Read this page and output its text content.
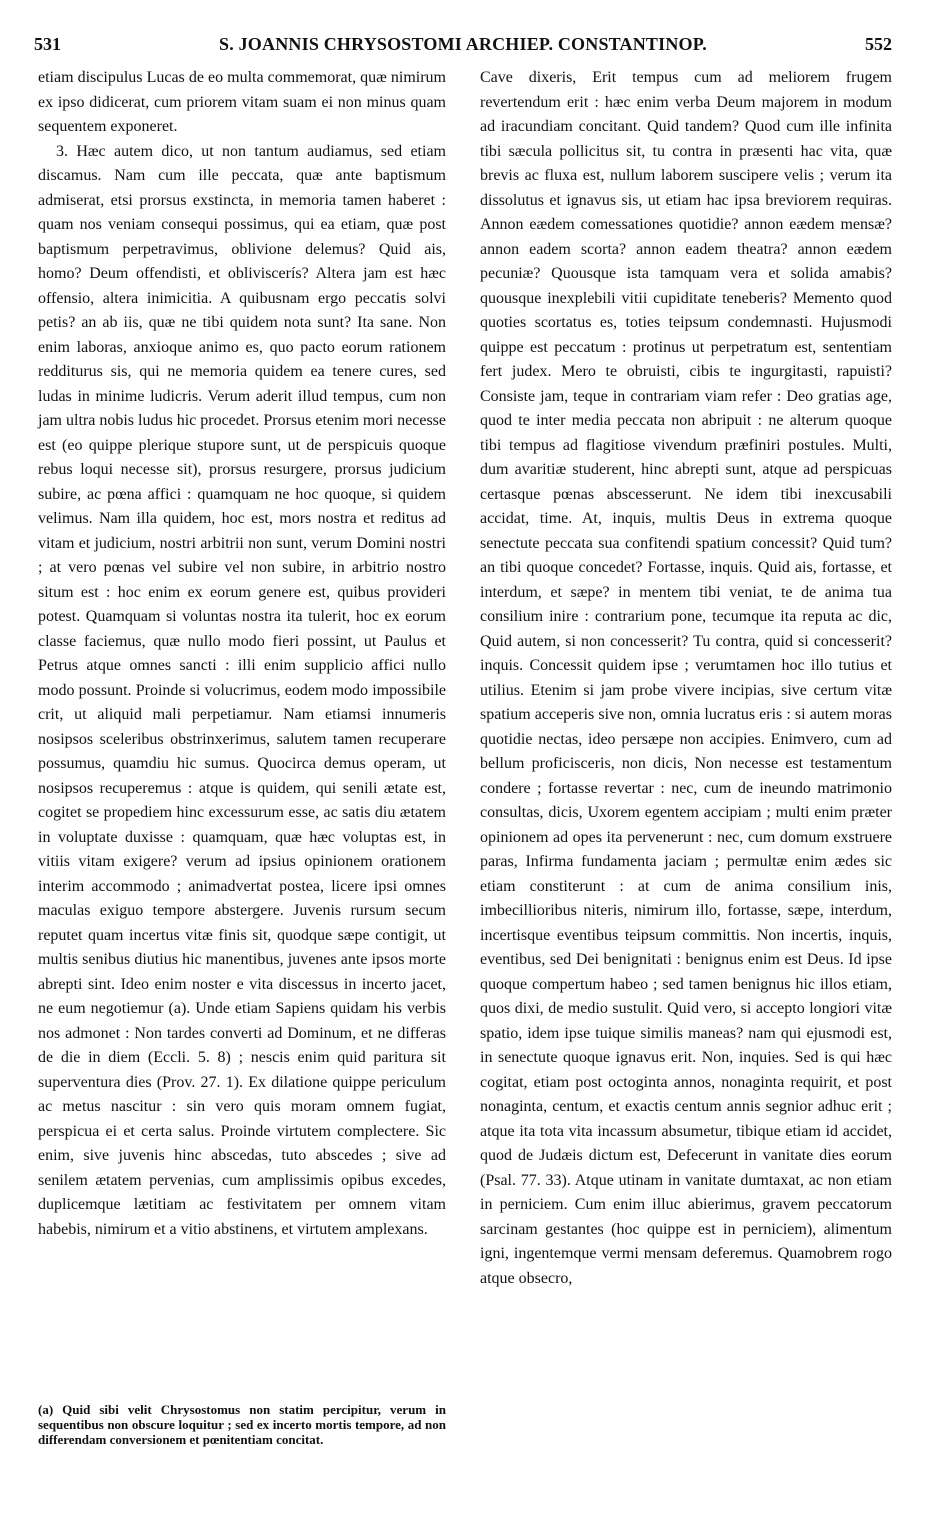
531	S. JOANNIS CHRYSOSTOMI ARCHIEP. CONSTANTINOP.	552

etiam discipulus Lucas de eo multa commemorat, quæ nimirum ex ipso didicerat, cum priorem vitam suam ei non minus quam sequentem exponeret.

3. Hæc autem dico, ut non tantum audiamus, sed etiam discamus. Nam cum ille peccata, quæ ante baptismum admiserat, etsi prorsus exstincta, in memoria tamen haberet : quam nos veniam consequi possimus, qui ea etiam, quæ post baptismum perpetravimus, oblivione delemus? Quid ais, homo? Deum offendisti, et obliviscerís? Altera jam est hæc offensio, altera inimicitia. A quibusnam ergo peccatis solvi petis? an ab iis, quæ ne tibi quidem nota sunt? Ita sane. Non enim laboras, anxioque animo es, quo pacto eorum rationem redditurus sis, qui ne memoria quidem ea tenere cures, sed ludas in minime ludicris. Verum aderit illud tempus, cum non jam ultra nobis ludus hic procedet. Prorsus etenim mori necesse est (eo quippe plerique stupore sunt, ut de perspicuis quoque rebus loqui necesse sit), prorsus resurgere, prorsus judicium subire, ac pœna affici : quamquam ne hoc quoque, si quidem velimus. Nam illa quidem, hoc est, mors nostra et reditus ad vitam et judicium, nostri arbitrii non sunt, verum Domini nostri ; at vero pœnas vel subire vel non subire, in arbitrio nostro situm est : hoc enim ex eorum genere est, quibus provideri potest. Quamquam si voluntas nostra ita tulerit, hoc ex eorum classe faciemus, quæ nullo modo fieri possint, ut Paulus et Petrus atque omnes sancti : illi enim supplicio affici nullo modo possunt. Proinde si volucrimus, eodem modo impossibile crit, ut aliquid mali perpetiamur. Nam etiamsi innumeris nosipsos sceleribus obstrinxerimus, salutem tamen recuperare possumus, quamdiu hic sumus. Quocirca demus operam, ut nosipsos recuperemus : atque is quidem, qui senili ætate est, cogitet se propediem hinc excessurum esse, ac satis diu ætatem in voluptate duxisse : quamquam, quæ hæc voluptas est, in vitiis vitam exigere? verum ad ipsius opinionem orationem interim accommodo ; animadvertat postea, licere ipsi omnes maculas exiguo tempore abstergere. Juvenis rursum secum reputet quam incertus vitæ finis sit, quodque sæpe contigit, ut multis senibus diutius hic manentibus, juvenes ante ipsos morte abrepti sint. Ideo enim noster e vita discessus in incerto jacet, ne eum negotiemur (a). Unde etiam Sapiens quidam his verbis nos admonet : Non tardes converti ad Dominum, et ne differas de die in diem (Eccli. 5. 8) ; nescis enim quid paritura sit superventura dies (Prov. 27. 1). Ex dilatione quippe periculum ac metus nascitur : sin vero quis moram omnem fugiat, perspicua ei et certa salus. Proinde virtutem complectere. Sic enim, sive juvenis hinc abscedas, tuto abscedes ; sive ad senilem ætatem pervenias, cum amplissimis opibus excedes, duplicemque lætitiam ac festivitatem per omnem vitam habebis, nimirum et a vitio abstinens, et virtutem amplexans.

(a) Quid sibi velit Chrysostomus non statim percipitur, verum in sequentibus non obscure loquitur ; sed ex incerto mortis tempore, ad non differendam conversionem et pœnitentiam concitat.

Cave dixeris, Erit tempus cum ad meliorem frugem revertendum erit : hæc enim verba Deum majorem in modum ad iracundiam concitant. Quid tandem? Quod cum ille infinita tibi sæcula pollicitus sit, tu contra in præsenti hac vita, quæ brevis ac fluxa est, nullum laborem suscipere velis ; verum ita dissolutus et ignavus sis, ut etiam hac ipsa breviorem requiras. Annon eædem comessationes quotidie? annon eædem mensæ? annon eadem scorta? annon eadem theatra? annon eædem pecuniæ? Quousque ista tamquam vera et solida amabis? quousque inexplebili vitii cupiditate teneberis? Memento quod quoties scortatus es, toties teipsum condemnasti. Hujusmodi quippe est peccatum : protinus ut perpetratum est, sententiam fert judex. Mero te obruisti, cibis te ingurgitasti, rapuisti? Consiste jam, teque in contrariam viam refer : Deo gratias age, quod te inter media peccata non abripuit : ne alterum quoque tibi tempus ad flagitiose vivendum præfiniri postules. Multi, dum avaritiæ studerent, hinc abrepti sunt, atque ad perspicuas certasque pœnas abscesserunt. Ne idem tibi inexcusabili accidat, time. At, inquis, multis Deus in extrema quoque senectute peccata sua confitendi spatium concessit? Quid tum? an tibi quoque concedet? Fortasse, inquis. Quid ais, fortasse, et interdum, et sæpe? in mentem tibi veniat, te de anima tua consilium inire : contrarium pone, tecumque ita reputa ac dic, Quid autem, si non concesserit? Tu contra, quid si concesserit? inquis. Concessit quidem ipse ; verumtamen hoc illo tutius et utilius. Etenim si jam probe vivere incipias, sive certum vitæ spatium acceperis sive non, omnia lucratus eris : si autem moras quotidie nectas, ideo persæpe non accipies. Enimvero, cum ad bellum proficisceris, non dicis, Non necesse est testamentum condere ; fortasse revertar : nec, cum de ineundo matrimonio consultas, dicis, Uxorem egentem accipiam ; multi enim præter opinionem ad opes ita pervenerunt : nec, cum domum exstruere paras, Infirma fundamenta jaciam ; permultæ enim ædes sic etiam constiterunt : at cum de anima consilium inis, imbecillioribus niteris, nimirum illo, fortasse, sæpe, interdum, incertisque eventibus teipsum committis. Non incertis, inquis, eventibus, sed Dei benignitati : benignus enim est Deus. Id ipse quoque compertum habeo ; sed tamen benignus hic illos etiam, quos dixi, de medio sustulit. Quid vero, si accepto longiori vitæ spatio, idem ipse tuique similis maneas? nam qui ejusmodi est, in senectute quoque ignavus erit. Non, inquies. Sed is qui hæc cogitat, etiam post octoginta annos, nonaginta requirit, et post nonaginta, centum, et exactis centum annis segnior adhuc erit ; atque ita tota vita incassum absumetur, tibique etiam id accidet, quod de Judæis dictum est, Defecerunt in vanitate dies eorum (Psal. 77. 33). Atque utinam in vanitate dumtaxat, ac non etiam in perniciem. Cum enim illuc abierimus, gravem peccatorum sarcinam gestantes (hoc quippe est in perniciem), alimentum igni, ingentemque vermi mensam deferemus. Quamobrem rogo atque obsecro,
